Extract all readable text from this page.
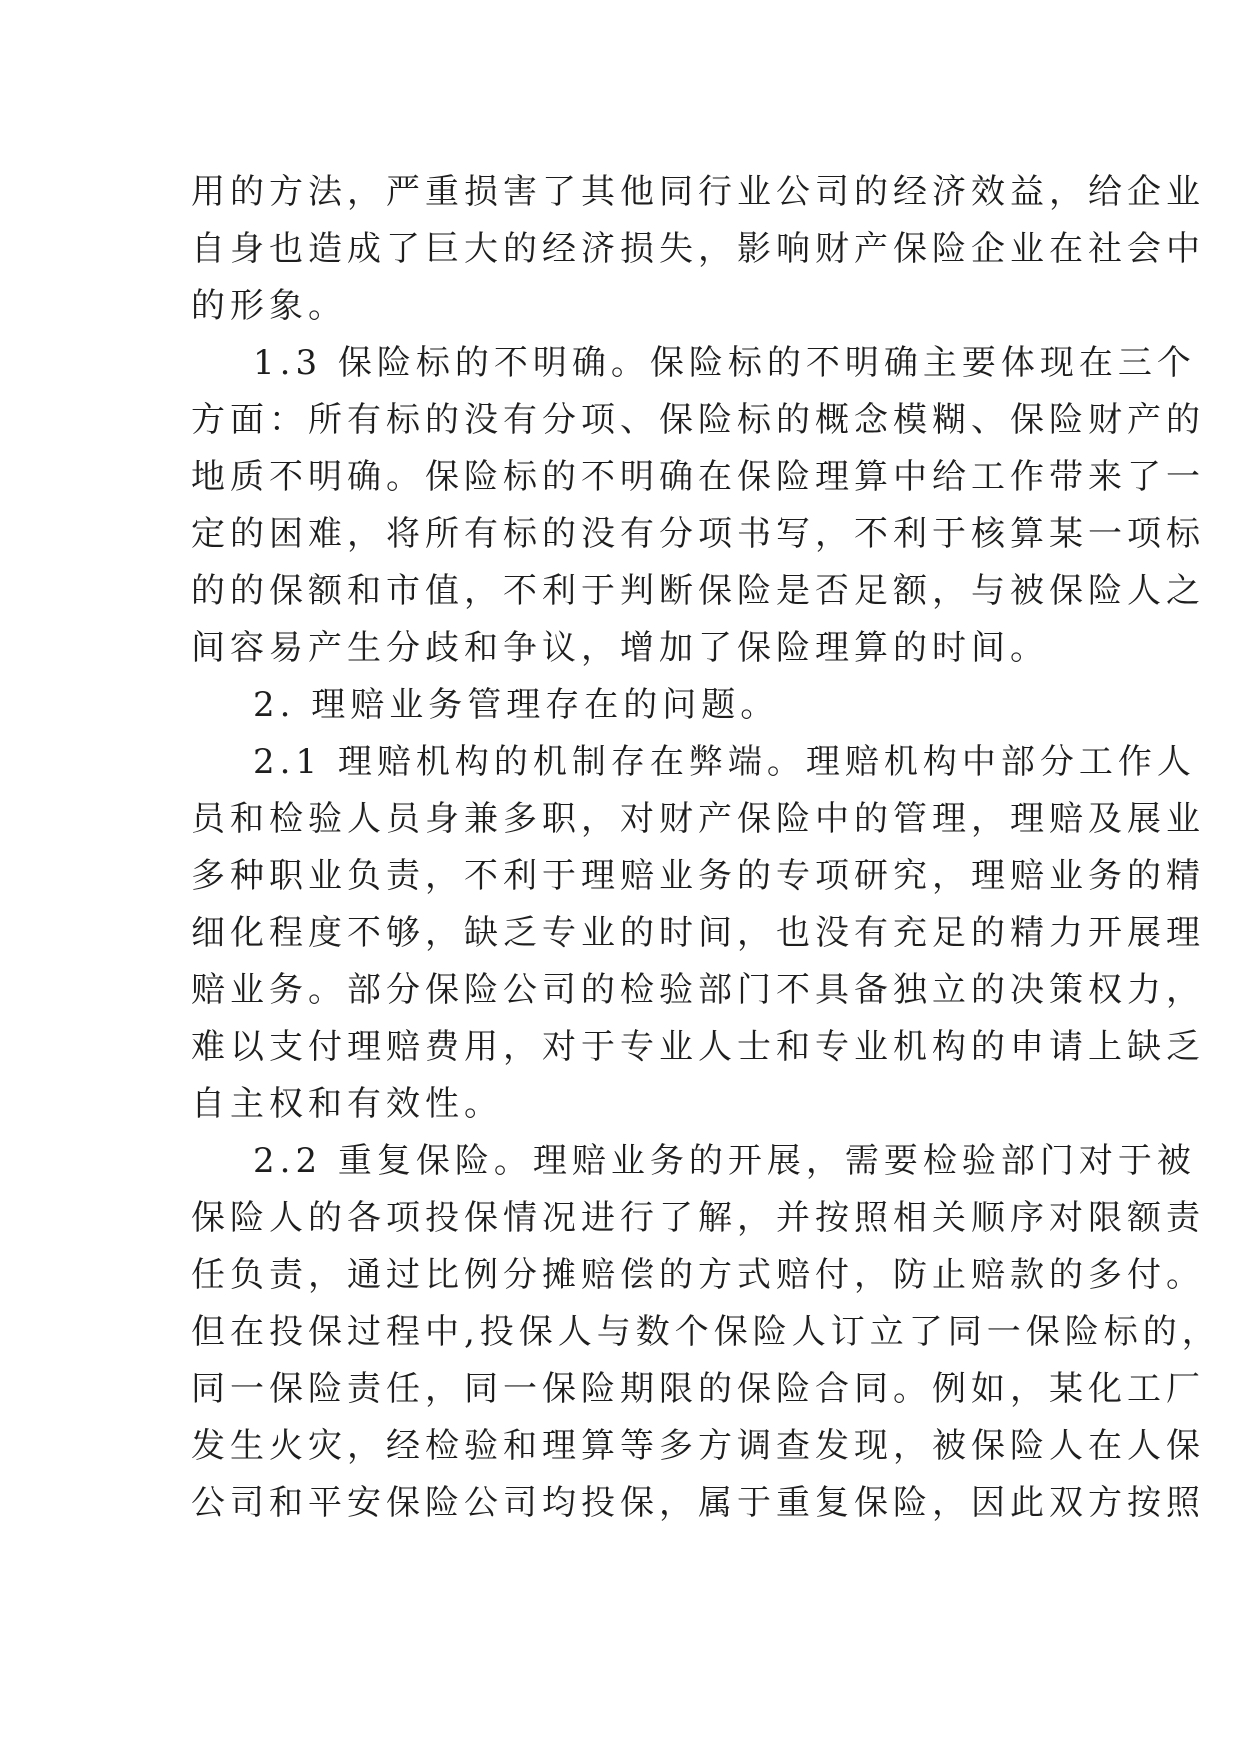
用的方法，严重损害了其他同行业公司的经济效益，给企业

自身也造成了巨大的经济损失，影响财产保险企业在社会中

的形象。

1.3 保险标的不明确。保险标的不明确主要体现在三个

方面：所有标的没有分项、保险标的概念模糊、保险财产的

地质不明确。保险标的不明确在保险理算中给工作带来了一

定的困难，将所有标的没有分项书写，不利于核算某一项标

的的保额和市值，不利于判断保险是否足额，与被保险人之

间容易产生分歧和争议，增加了保险理算的时间。

2. 理赔业务管理存在的问题。

2.1 理赔机构的机制存在弊端。理赔机构中部分工作人

员和检验人员身兼多职，对财产保险中的管理，理赔及展业

多种职业负责，不利于理赔业务的专项研究，理赔业务的精

细化程度不够，缺乏专业的时间，也没有充足的精力开展理

赔业务。部分保险公司的检验部门不具备独立的决策权力，

难以支付理赔费用，对于专业人士和专业机构的申请上缺乏

自主权和有效性。

2.2 重复保险。理赔业务的开展，需要检验部门对于被

保险人的各项投保情况进行了解，并按照相关顺序对限额责

任负责，通过比例分摊赔偿的方式赔付，防止赔款的多付。

但在投保过程中,投保人与数个保险人订立了同一保险标的，

同一保险责任，同一保险期限的保险合同。例如，某化工厂

发生火灾，经检验和理算等多方调查发现，被保险人在人保

公司和平安保险公司均投保，属于重复保险，因此双方按照
